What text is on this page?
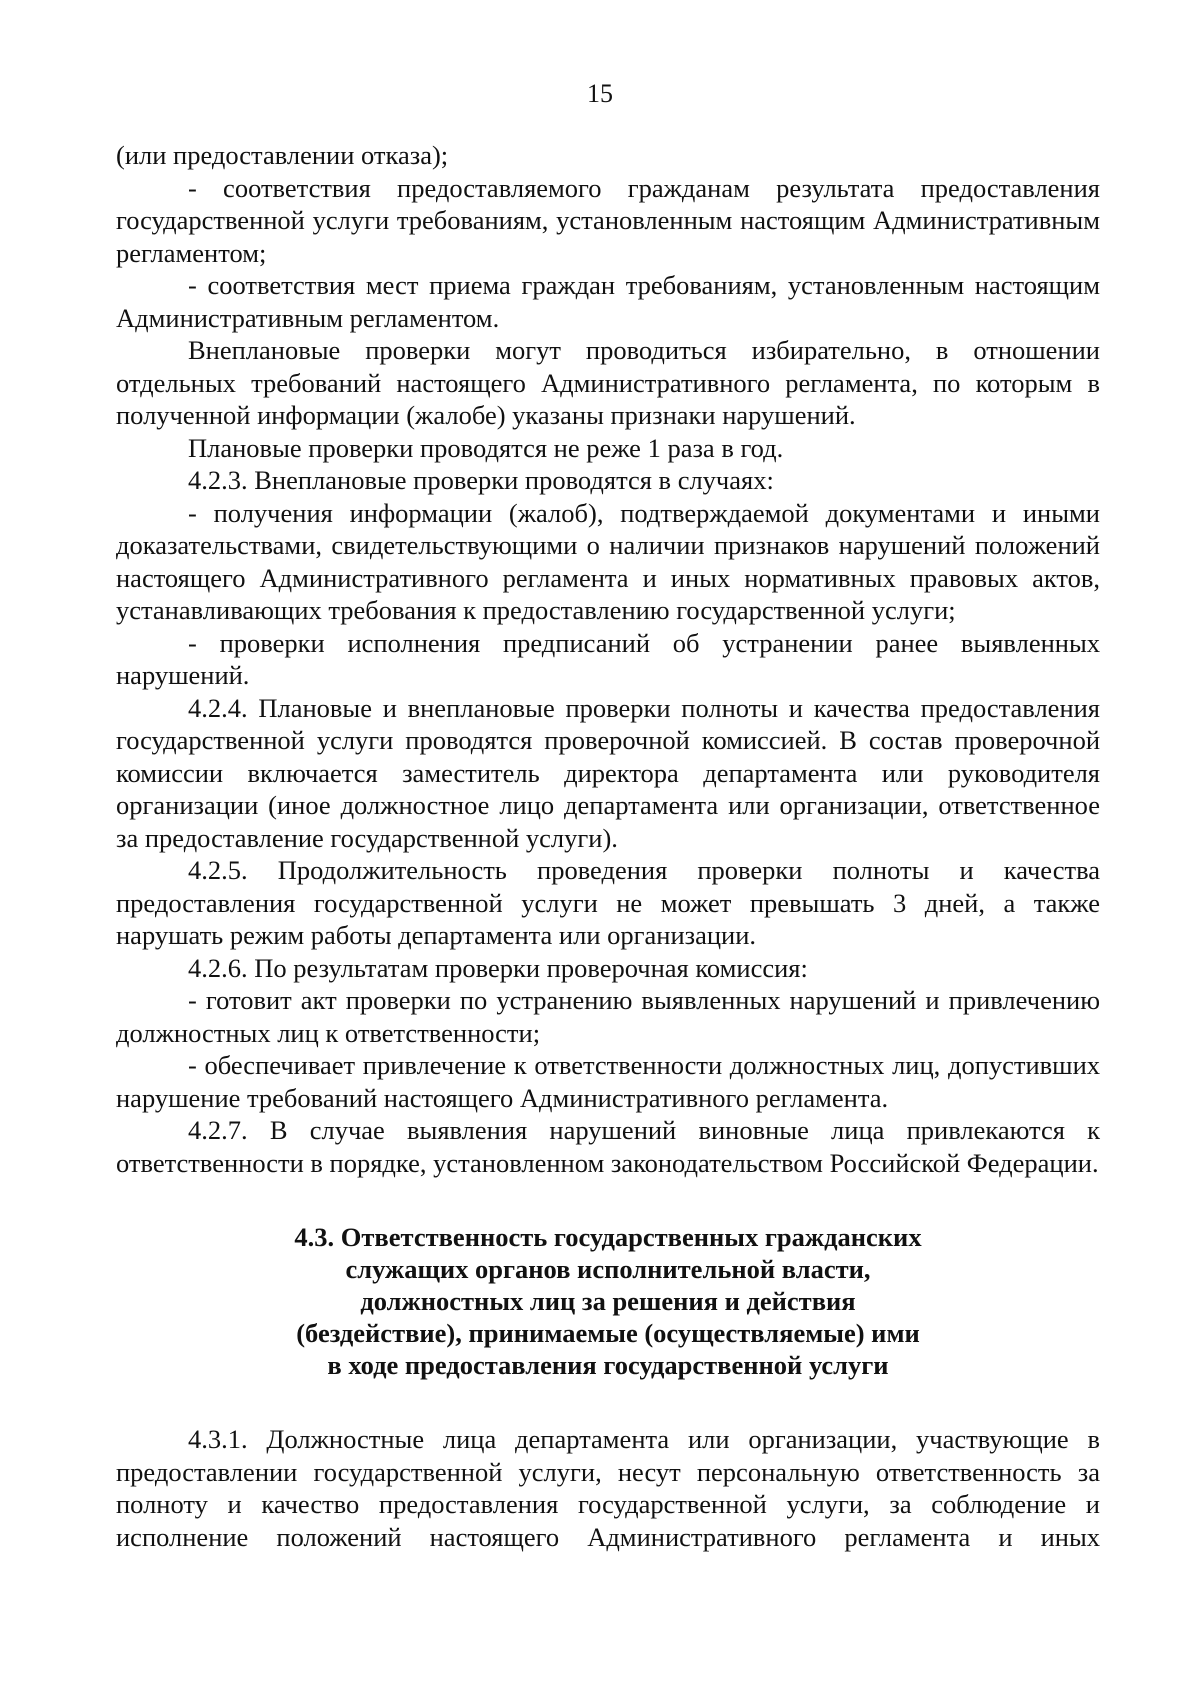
15

(или предоставлении отказа);

- соответствия предоставляемого гражданам результата предоставления государственной услуги требованиям, установленным настоящим Административным регламентом;

- соответствия мест приема граждан требованиям, установленным настоящим Административным регламентом.

Внеплановые проверки могут проводиться избирательно, в отношении отдельных требований настоящего Административного регламента, по которым в полученной информации (жалобе) указаны признаки нарушений.

Плановые проверки проводятся не реже 1 раза в год.

4.2.3. Внеплановые проверки проводятся в случаях:

- получения информации (жалоб), подтверждаемой документами и иными доказательствами, свидетельствующими о наличии признаков нарушений положений настоящего Административного регламента и иных нормативных правовых актов, устанавливающих требования к предоставлению государственной услуги;

- проверки исполнения предписаний об устранении ранее выявленных нарушений.

4.2.4. Плановые и внеплановые проверки полноты и качества предоставления государственной услуги проводятся проверочной комиссией. В состав проверочной комиссии включается заместитель директора департамента или руководителя организации (иное должностное лицо департамента или организации, ответственное за предоставление государственной услуги).

4.2.5. Продолжительность проведения проверки полноты и качества предоставления государственной услуги не может превышать 3 дней, а также нарушать режим работы департамента или организации.

4.2.6. По результатам проверки проверочная комиссия:

- готовит акт проверки по устранению выявленных нарушений и привлечению должностных лиц к ответственности;

- обеспечивает привлечение к ответственности должностных лиц, допустивших нарушение требований настоящего Административного регламента.

4.2.7. В случае выявления нарушений виновные лица привлекаются к ответственности в порядке, установленном законодательством Российской Федерации.

4.3. Ответственность государственных гражданских
служащих органов исполнительной власти,
должностных лиц за решения и действия
(бездействие), принимаемые (осуществляемые) ими
в ходе предоставления государственной услуги

4.3.1. Должностные лица департамента или организации, участвующие в предоставлении государственной услуги, несут персональную ответственность за полноту и качество предоставления государственной услуги, за соблюдение и исполнение положений настоящего Административного регламента и иных
